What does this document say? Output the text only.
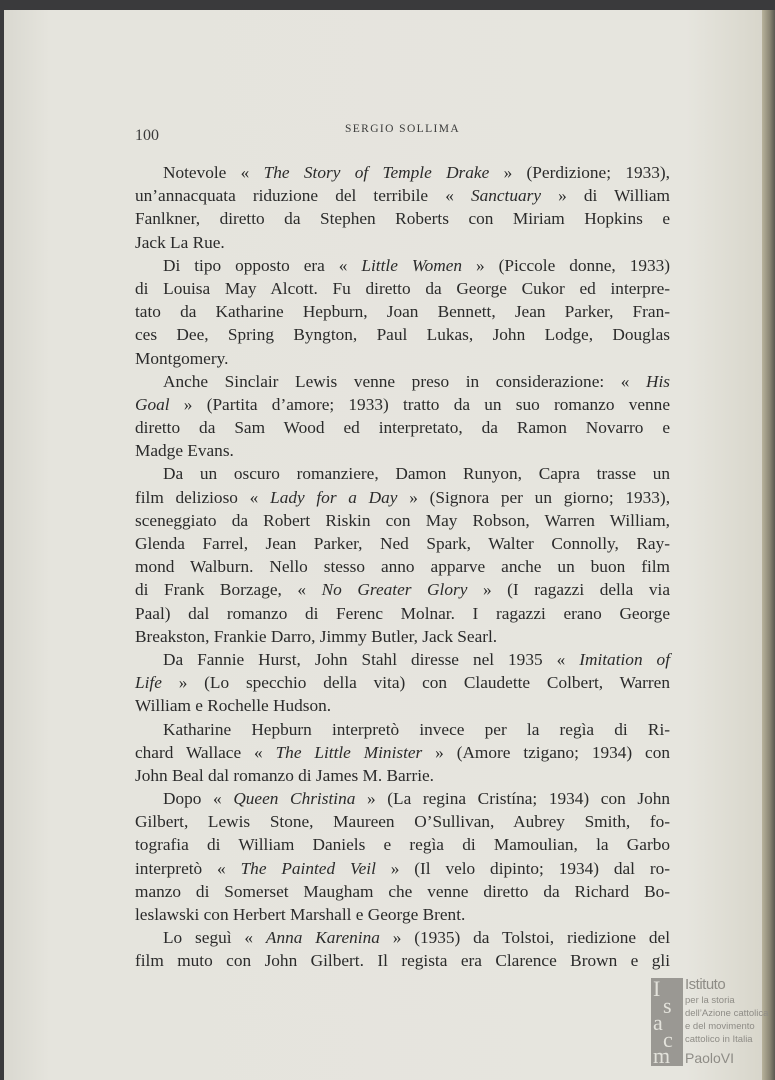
100	SERGIO SOLLIMA
Notevole « The Story of Temple Drake » (Perdizione; 1933),
un’annacquata riduzione del terribile « Sanctuary » di William
Fanlkner, diretto da Stephen Roberts con Miriam Hopkins e
Jack La Rue.
Di tipo opposto era « Little Women » (Piccole donne, 1933)
di Louisa May Alcott. Fu diretto da George Cukor ed interpre-
tato da Katharine Hepburn, Joan Bennett, Jean Parker, Fran-
ces Dee, Spring Byngton, Paul Lukas, John Lodge, Douglas
Montgomery.
Anche Sinclair Lewis venne preso in considerazione: « His
Goal » (Partita d’amore; 1933) tratto da un suo romanzo venne
diretto da Sam Wood ed interpretato, da Ramon Novarro e
Madge Evans.
Da un oscuro romanziere, Damon Runyon, Capra trasse un
film delizioso « Lady for a Day » (Signora per un giorno; 1933),
sceneggiato da Robert Riskin con May Robson, Warren William,
Glenda Farrel, Jean Parker, Ned Spark, Walter Connolly, Ray-
mond Walburn. Nello stesso anno apparve anche un buon film
di Frank Borzage, « No Greater Glory » (I ragazzi della via
Paal) dal romanzo di Ferenc Molnar. I ragazzi erano George
Breakston, Frankie Darro, Jimmy Butler, Jack Searl.
Da Fannie Hurst, John Stahl diresse nel 1935 « Imitation of
Life » (Lo specchio della vita) con Claudette Colbert, Warren
William e Rochelle Hudson.
Katharine Hepburn interpretò invece per la regìa di Ri-
chard Wallace « The Little Minister » (Amore tzigano; 1934) con
John Beal dal romanzo di James M. Barrie.
Dopo « Queen Christina » (La regina Cristína; 1934) con John
Gilbert, Lewis Stone, Maureen O’Sullivan, Aubrey Smith, fo-
tografia di William Daniels e regìa di Mamoulian, la Garbo
interpretò « The Painted Veil » (Il velo dipinto; 1934) dal ro-
manzo di Somerset Maugham che venne diretto da Richard Bo-
leslawski con Herbert Marshall e George Brent.
Lo seguì « Anna Karenina » (1935) da Tolstoi, riedizione del
film muto con John Gilbert. Il regista era Clarence Brown e gli
I
s
a
c
m
Istituto
per la storia
dell’Azione cattolica
e del movimento
cattolico in Italia
PaoloVI
